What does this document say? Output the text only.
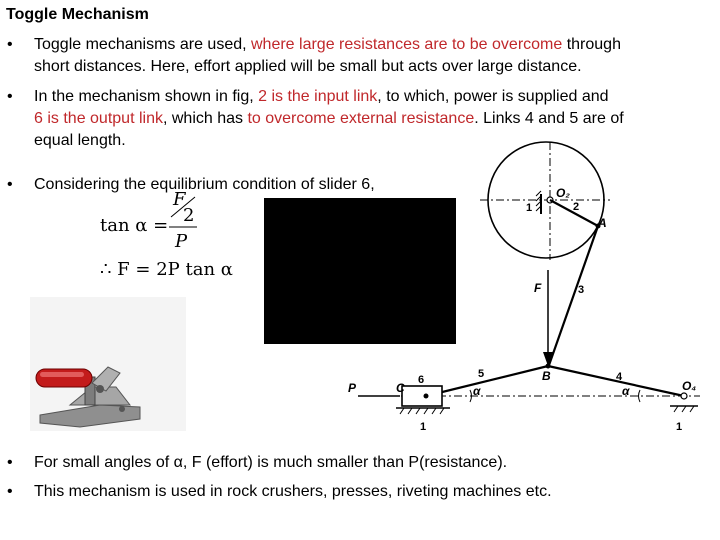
Toggle Mechanism
• Toggle mechanisms are used, where large resistances are to be overcome through
short distances. Here, effort applied will be small but acts over large distance.
• In the mechanism shown in fig, 2 is the input link, to which, power is supplied and
6 is the output link, which has to overcome external resistance. Links 4 and 5 are of
equal length.
• Considering the equilibrium condition of slider 6,
tan α =
F
2
P
∴ F = 2P tan α
O₂
1	2
A
F	3
B	4
5
6
C
P	O₄
α	α
1	1
• For small angles of α, F (effort) is much smaller than P(resistance).
• This mechanism is used in rock crushers, presses, riveting machines etc.
